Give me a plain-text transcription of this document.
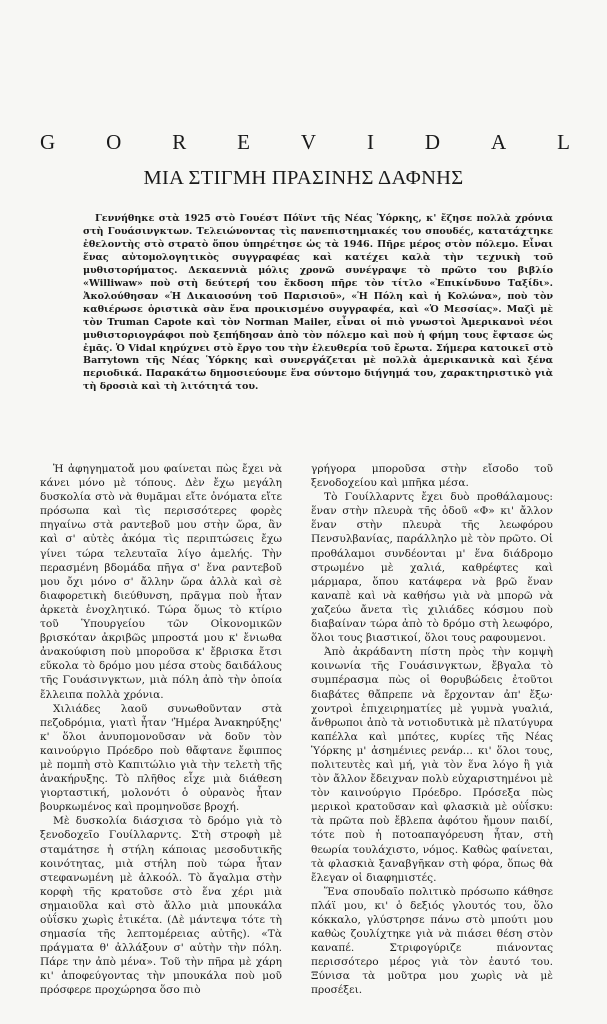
G O R E V I D A L
ΜΙΑ ΣΤΙΓΜΗ ΠΡΑΣΙΝΗΣ ΔΑΦΝΗΣ

Γεννήθηκε στὰ 1925 στὸ Γουέστ Πόϊντ τῆς Νέας Ὑόρκης, κ' ἔζησε πολλὰ χρόνια στὴ Γουάσινγκτων. Τελειώνοντας τὶς πανεπιστημιακές του σπουδές, κατατάχτηκε ἐθελοντὴς στὸ στρατὸ ὅπου ὑπηρέτησε ὡς τὰ 1946. Πῆρε μέρος στὸν πόλεμο. Εἶναι ἕνας αὐτομολογητικὸς συγγραφέας καὶ κατέχει καλὰ τὴν τεχνικὴ τοῦ μυθιστορήματος. Δεκαεννιὰ μόλις χρονῶ συνέγραψε τὸ πρῶτο του βιβλίο «Williwaw» ποὺ στὴ δεύτερή του ἔκδοση πῆρε τὸν τίτλο «Ἐπικίνδυνο Ταξίδι». Ἀκολούθησαν «Ἡ Δικαιοσύνη τοῦ Παρισιοῦ», «Ἡ Πόλη καὶ ἡ Κολώνα», ποὺ τὸν καθιέρωσε ὁριστικὰ σὰν ἕνα προικισμένο συγγραφέα, καὶ «Ὁ Μεσσίας». Μαζὶ μὲ τὸν Truman Capote καὶ τὸν Norman Mailer, εἶναι οἱ πιὸ γνωστοὶ Ἀμερικανοὶ νέοι μυθιστοριογράφοι ποὺ ξεπήδησαν ἀπὸ τὸν πόλεμο καὶ ποὺ ἡ φήμη τους ἔφτασε ὡς ἐμᾶς. Ὁ Vidal κηρύχνει στὸ ἔργο του τὴν ἐλευθερία τοῦ ἔρωτα. Σήμερα κατοικεῖ στὸ Barrytown τῆς Νέας Ὑόρκης καὶ συνεργάζεται μὲ πολλὰ ἀμερικανικὰ καὶ ξένα περιοδικά. Παρακάτω δημοσιεύουμε ἕνα σύντομο διήγημά του, χαρακτηριστικὸ γιὰ τὴ δροσιὰ καὶ τὴ λιτότητά του.

Ἡ ἀφηγηματοἄ μου φαίνεται πὼς ἔχει νὰ κάνει μόνο μὲ τόπους. Δὲν ἔχω μεγάλη δυσκολία στὸ νὰ θυμᾶμαι εἴτε ὀνόματα εἴτε πρόσωπα καὶ τὶς περισσότερες φορὲς πηγαίνω στὰ ραντεβοῦ μου στὴν ὥρα, ἂν καὶ σ' αὐτὲς ἀκόμα τὶς περιπτώσεις ἔχω γίνει τώρα τελευταῖα λίγο ἀμελής. Τὴν περασμένη βδομάδα πῆγα σ' ἕνα ραντεβοῦ μου ὄχι μόνο σ' ἄλλην ὥρα ἀλλὰ καὶ σὲ διαφορετικὴ διεύθυνση, πρᾶγμα ποὺ ἦταν ἀρκετὰ ἐνοχλητικό. Τώρα ὅμως τὸ κτίριο τοῦ Ὑπουργείου τῶν Οἰκονομικῶν βρισκόταν ἀκριβῶς μπροστά μου κ' ἔνιωθα ἀνακούφιση ποὺ μποροῦσα κ' ἔβρισκα ἔτσι εὔκολα τὸ δρόμο μου μέσα στοὺς δαιδάλους τῆς Γουάσινγκτων, μιὰ πόλη ἀπὸ τὴν ὁποία ἔλλειπα πολλὰ χρόνια.

Χιλιάδες λαοῦ συνωθοῦνταν στὰ πεζοδρόμια, γιατὶ ἦταν 'Ἡμέρα Ἀνακηρύξης' κ' ὅλοι ἀνυπομονοῦσαν νὰ δοῦν τὸν καινούργιο Πρόεδρο ποὺ θἄφτανε ἔφιππος μὲ πομπὴ στὸ Καπιτώλιο γιὰ τὴν τελετὴ τῆς ἀνακήρυξης. Τὸ πλῆθος εἶχε μιὰ διάθεση γιορταστική, μολονότι ὁ οὐρανὸς ἦταν βουρκωμένος καὶ προμηνοῦσε βροχή.

Μὲ δυσκολία διάσχισα τὸ δρόμο γιὰ τὸ ξενοδοχεῖο Γουίλλαρντς. Στὴ στροφὴ μὲ σταμάτησε ἡ στήλη κάποιας μεσοδυτικῆς κοινότητας, μιὰ στήλη ποὺ τώρα ἦταν στεφανωμένη μὲ ἀλκοόλ. Τὸ ἄγαλμα στὴν κορφὴ τῆς κρατοῦσε στὸ ἕνα χέρι μιὰ σημαιοῦλα καὶ στὸ ἄλλο μιὰ μπουκάλα οὐΐσκυ χωρὶς ἐτικέτα. (Δὲ μάντεψα τότε τὴ σημασία τῆς λεπτομέρειας αὐτῆς). «Τὰ πράγματα θ' ἀλλάξουν σ' αὐτὴν τὴν πόλη. Πάρε την ἀπὸ μένα». Τοῦ τὴν πῆρα μὲ χάρη κι' ἀποφεύγοντας τὴν μπουκάλα ποὺ μοῦ πρόσφερε προχώρησα ὅσο πιὸ

γρήγορα μποροῦσα στὴν εἴσοδο τοῦ ξενοδοχείου καὶ μπῆκα μέσα.

Τὸ Γουίλλαρντς ἔχει δυὸ προθάλαμους: ἕναν στὴν πλευρὰ τῆς ὁδοῦ «Φ» κι' ἄλλον ἕναν στὴν πλευρὰ τῆς λεωφόρου Πενσυλβανίας, παράλληλο μὲ τὸν πρῶτο. Οἱ προθάλαμοι συνδέονται μ' ἕνα διάδρομο στρωμένο μὲ χαλιά, καθρέφτες καὶ μάρμαρα, ὅπου κατάφερα νὰ βρῶ ἕναν καναπὲ καὶ νὰ καθήσω γιὰ νὰ μπορῶ νὰ χαζεύω ἄνετα τὶς χιλιάδες κόσμου ποὺ διαβαίναν τώρα ἀπὸ τὸ δρόμο στὴ λεωφόρο, ὅλοι τους βιαστικοί, ὅλοι τους ραφουμενοι.

Ἀπὸ ἀκράδαντη πίστη πρὸς τὴν κομψὴ κοινωνία τῆς Γουάσινγκτων, ἔβγαλα τὸ συμπέρασμα πὼς οἱ θορυβώδεις ἐτοῦτοι διαβάτες θἄπρεπε νὰ ἔρχονταν ἀπ' ἔξω· χοντροὶ ἐπιχειρηματίες μὲ γυμνὰ γυαλιά, ἄνθρωποι ἀπὸ τὰ νοτιοδυτικὰ μὲ πλατύγυρα καπέλλα καὶ μπότες, κυρίες τῆς Νέας Ὑόρκης μ' ἀσημένιες ρενάρ... κι' ὅλοι τους, πολιτευτὲς καὶ μή, γιὰ τὸν ἕνα λόγο ἢ γιὰ τὸν ἄλλον ἔδειχναν πολὺ εὐχαριστημένοι μὲ τὸν καινούργιο Πρόεδρο. Πρόσεξα πὼς μερικοὶ κρατοῦσαν καὶ φλασκιὰ μὲ οὐΐσκυ: τὰ πρῶτα ποὺ ἔβλεπα ἀφότου ἤμουν παιδί, τότε ποὺ ἡ ποτοαπαγόρευση ἦταν, στὴ θεωρία τουλάχιστο, νόμος. Καθὼς φαίνεται, τὰ φλασκιὰ ξαναβγῆκαν στὴ φόρα, ὅπως θὰ ἔλεγαν οἱ διαφημιστές.

Ἕνα σπουδαῖο πολιτικὸ πρόσωπο κάθησε πλάϊ μου, κι' ὁ δεξιός γλουτός του, ὅλο κόκκαλο, γλύστρησε πάνω στὸ μπούτι μου καθὼς ζουλίχτηκε γιὰ νὰ πιάσει θέση στὸν καναπέ. Στριφογύριζε πιάνοντας περισσότερο μέρος γιὰ τὸν ἑαυτό του. Ξύνισα τὰ μοῦτρα μου χωρὶς νὰ μὲ προσέξει.
